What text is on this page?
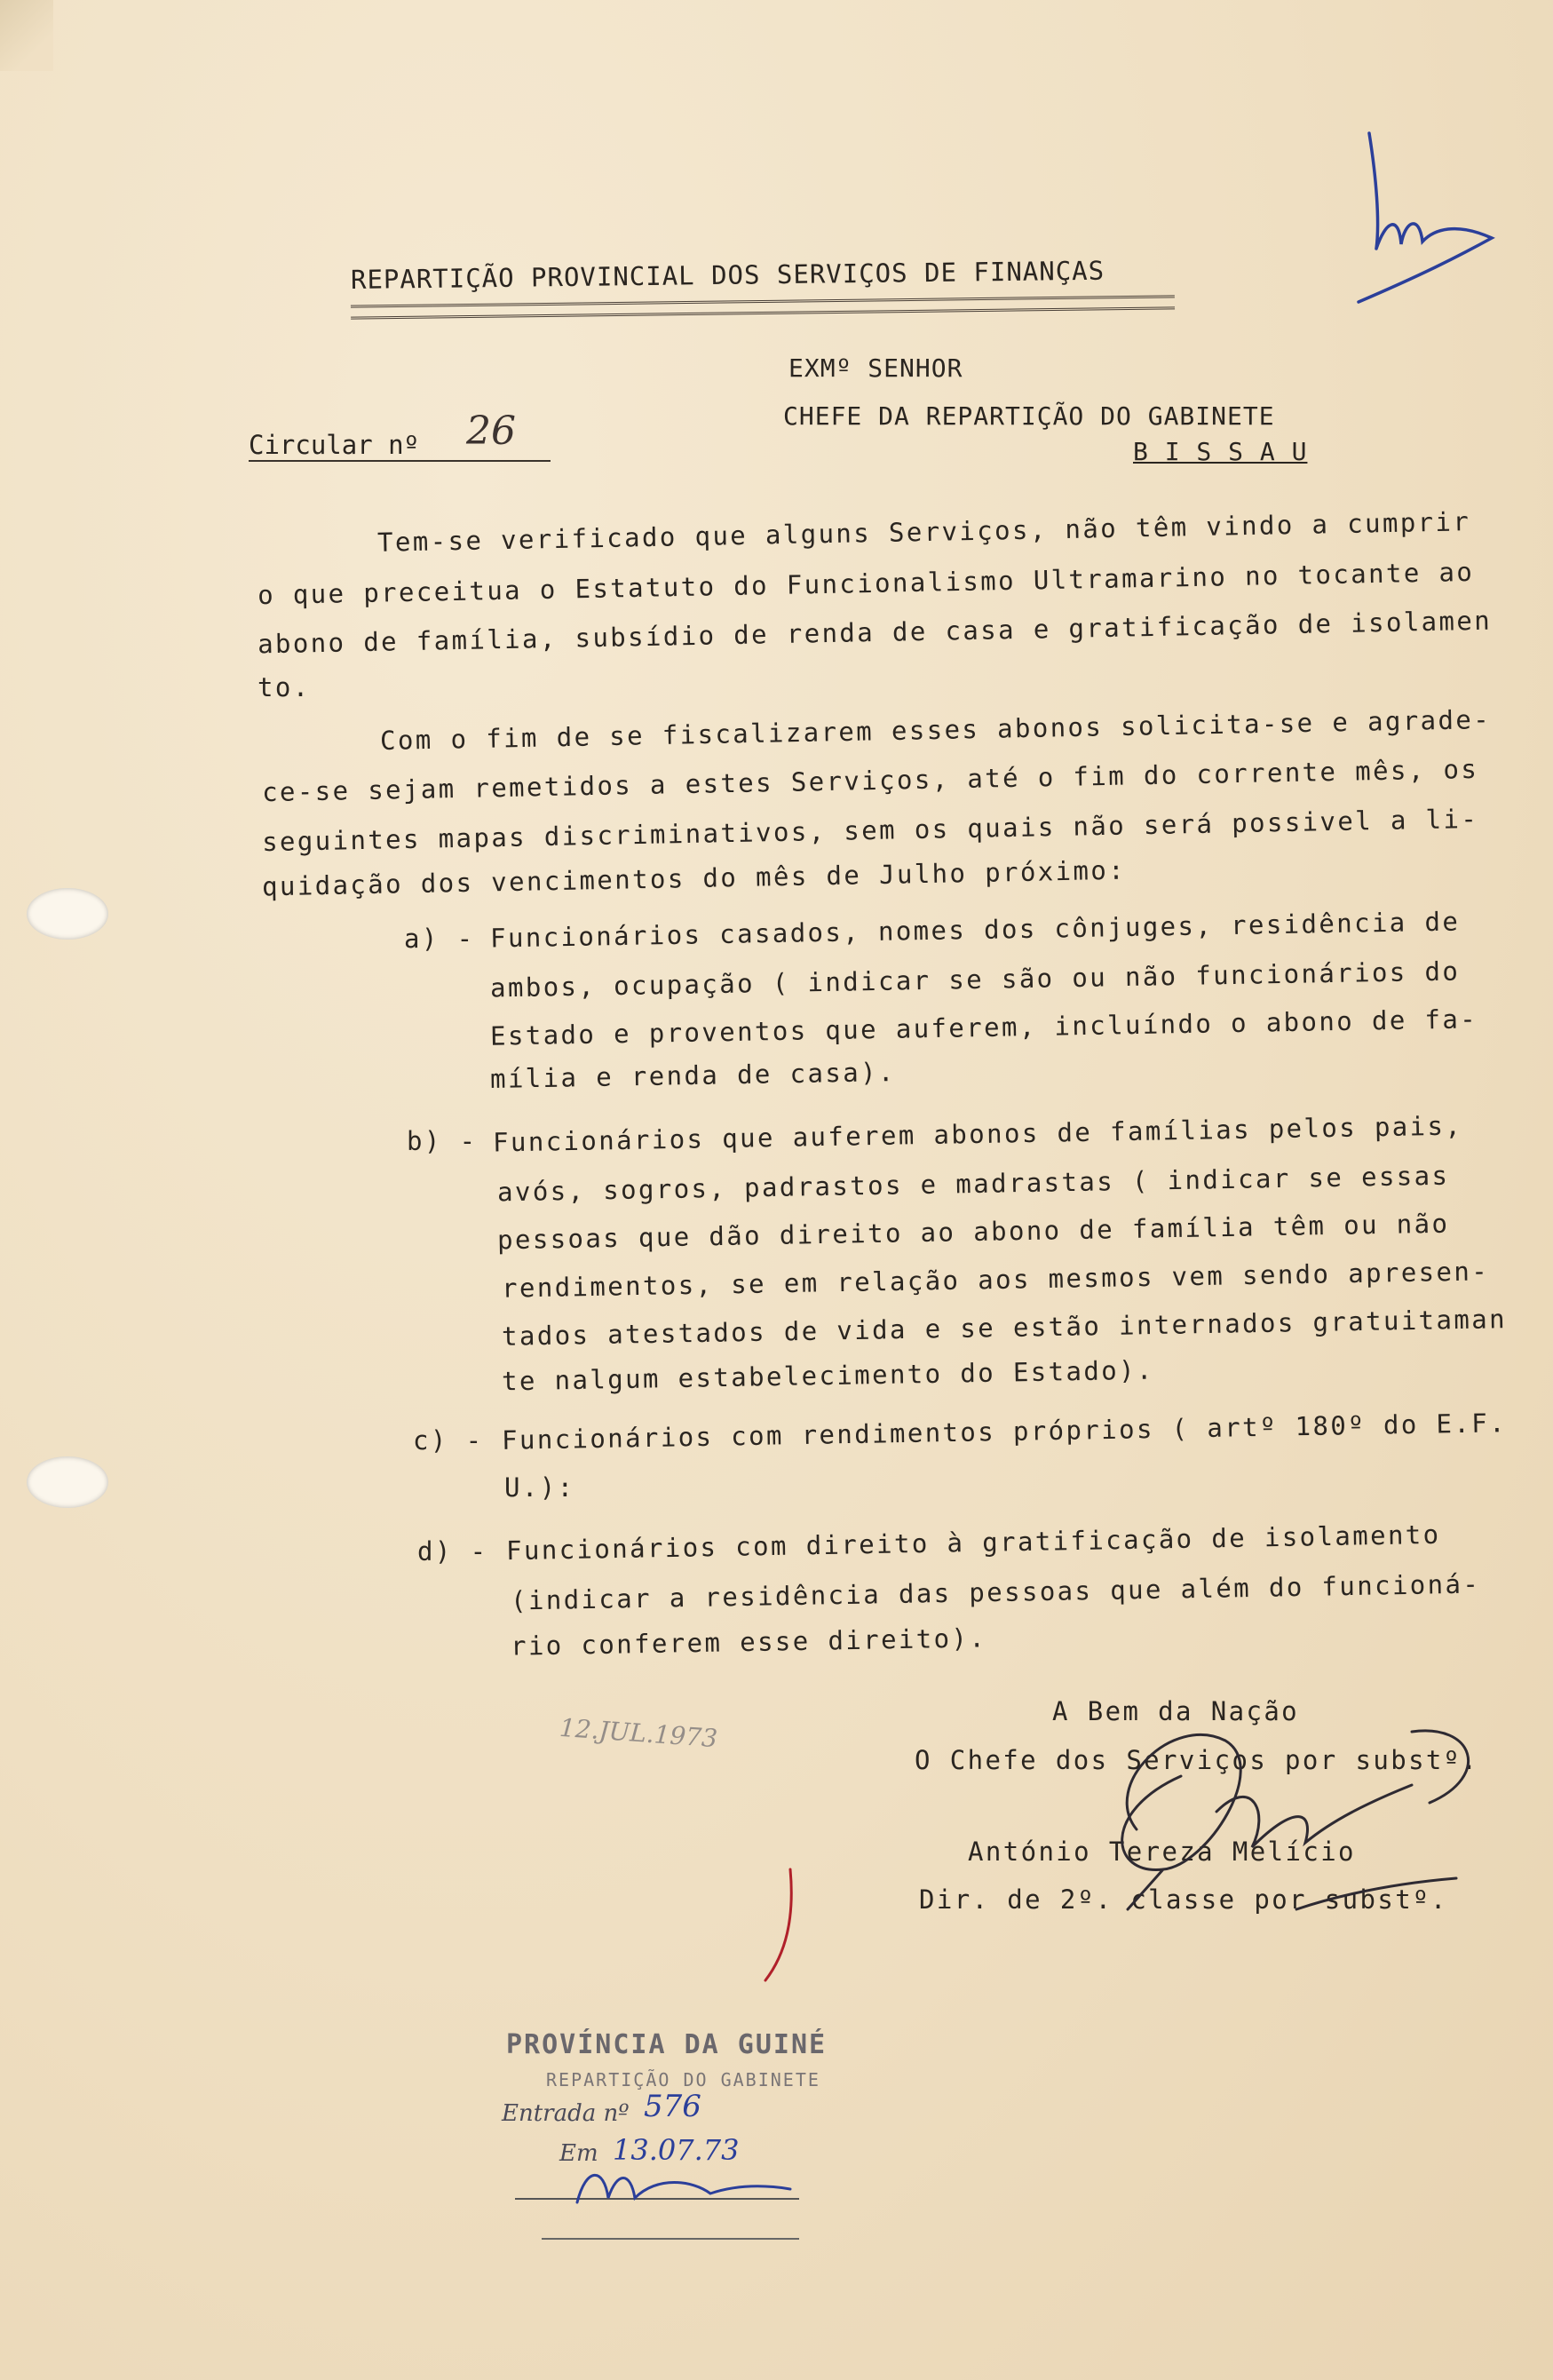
REPARTIÇÃO PROVINCIAL DOS SERVIÇOS DE FINANÇAS
EXMº SENHOR
CHEFE DA REPARTIÇÃO DO GABINETE
B I S S A U
Circular nº 26
Tem-se verificado que alguns Serviços, não têm vindo a cumprir
o que preceitua o Estatuto do Funcionalismo Ultramarino no tocante ao
abono de família, subsídio de renda de casa e gratificação de isolamen
to.
Com o fim de se fiscalizarem esses abonos solicita-se e agrade-
ce-se sejam remetidos a estes Serviços, até o fim do corrente mês, os
seguintes mapas discriminativos, sem os quais não será possivel a li-
quidação dos vencimentos do mês de Julho próximo:
a) - Funcionários casados, nomes dos cônjuges, residência de
ambos, ocupação ( indicar se são ou não funcionários do
Estado e proventos que auferem, incluíndo o abono de fa-
mília e renda de casa).
b) - Funcionários que auferem abonos de famílias pelos pais,
avós, sogros, padrastos e madrastas ( indicar se essas
pessoas que dão direito ao abono de família têm ou não
rendimentos, se em relação aos mesmos vem sendo apresen-
tados atestados de vida e se estão internados gratuitaman
te nalgum estabelecimento do Estado).
c) - Funcionários com rendimentos próprios ( artº 180º do E.F.
U.):
d) - Funcionários com direito à gratificação de isolamento
(indicar a residência das pessoas que além do funcioná-
rio conferem esse direito).
A Bem da Nação
O Chefe dos Serviços por substº.
António Tereza Melício
Dir. de 2º. classe por substº.
12.JUL.1973
PROVÍNCIA DA GUINÉ
REPARTIÇÃO DO GABINETE
Entrada nº 576
Em 13.07.73
